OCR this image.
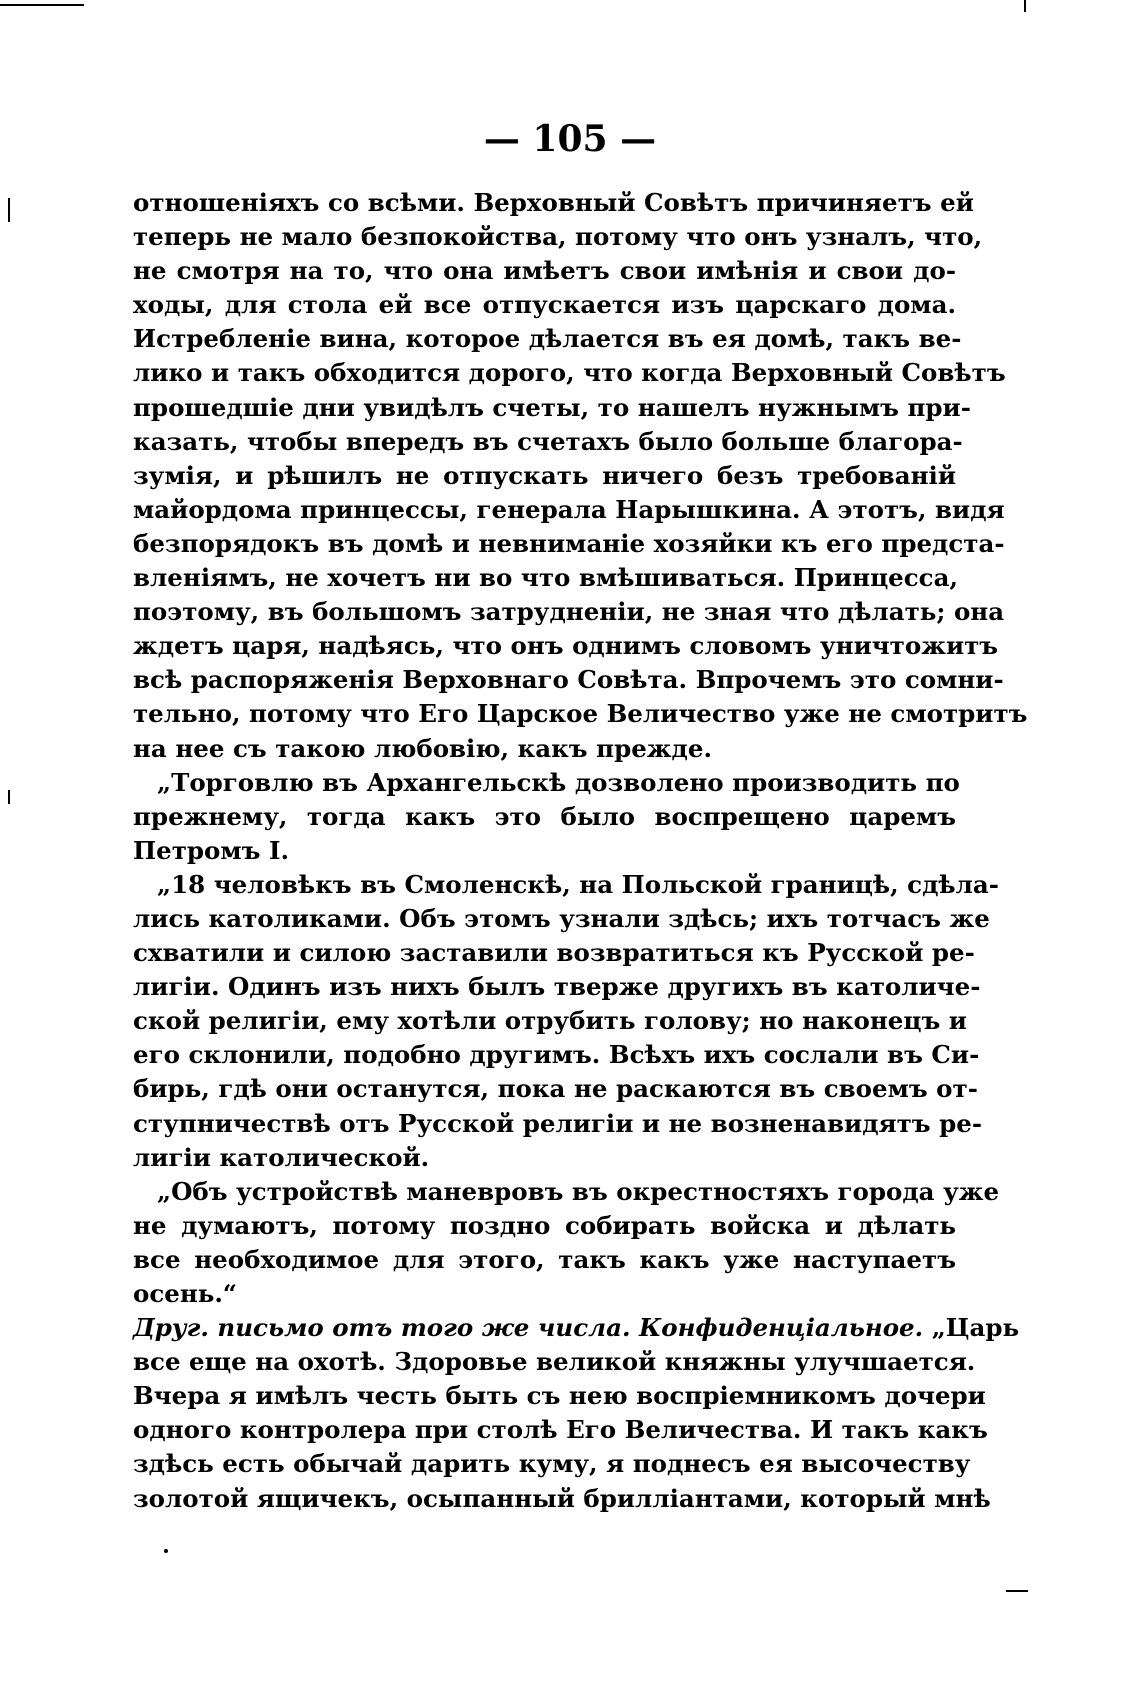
— 105 —
отношеніяхъ со всѣми. Верховный Совѣтъ причиняетъ ей
теперь не мало безпокойства, потому что онъ узналъ, что,
не смотря на то, что она имѣетъ свои имѣнія и свои до-
ходы, для стола ей все отпускается изъ царскаго дома.
Истребленіе вина, которое дѣлается въ ея домѣ, такъ ве-
лико и такъ обходится дорого, что когда Верховный Совѣтъ
прошедшіе дни увидѣлъ счеты, то нашелъ нужнымъ при-
казать, чтобы впередъ въ счетахъ было больше благора-
зумія, и рѣшилъ не отпускать ничего безъ требованій
майордома принцессы, генерала Нарышкина. А этотъ, видя
безпорядокъ въ домѣ и невниманіе хозяйки къ его предста-
вленіямъ, не хочетъ ни во что вмѣшиваться. Принцесса,
поэтому, въ большомъ затрудненіи, не зная что дѣлать; она
ждетъ царя, надѣясь, что онъ однимъ словомъ уничтожитъ
всѣ распоряженія Верховнаго Совѣта. Впрочемъ это сомни-
тельно, потому что Его Царское Величество уже не смотритъ
на нее съ такою любовію, какъ прежде.
„Торговлю въ Архангельскѣ дозволено производить по
прежнему, тогда какъ это было воспрещено царемъ
Петромъ I.
„18 человѣкъ въ Смоленскѣ, на Польской границѣ, сдѣла-
лись католиками. Объ этомъ узнали здѣсь; ихъ тотчасъ же
схватили и силою заставили возвратиться къ Русской ре-
лигіи. Одинъ изъ нихъ былъ тверже другихъ въ католиче-
ской религіи, ему хотѣли отрубить голову; но наконецъ и
его склонили, подобно другимъ. Всѣхъ ихъ сослали въ Си-
бирь, гдѣ они останутся, пока не раскаются въ своемъ от-
ступничествѣ отъ Русской религіи и не возненавидятъ ре-
лигіи католической.
„Объ устройствѣ маневровъ въ окрестностяхъ города уже
не думаютъ, потому поздно собирать войска и дѣлать
все необходимое для этого, такъ какъ уже наступаетъ
осень.“
Друг. письмо отъ того же числа. Конфиденціальное. „Царь
все еще на охотѣ. Здоровье великой княжны улучшается.
Вчера я имѣлъ честь быть съ нею воспріемникомъ дочери
одного контролера при столѣ Его Величества. И такъ какъ
здѣсь есть обычай дарить куму, я поднесъ ея высочеству
золотой ящичекъ, осыпанный брилліантами, который мнѣ
